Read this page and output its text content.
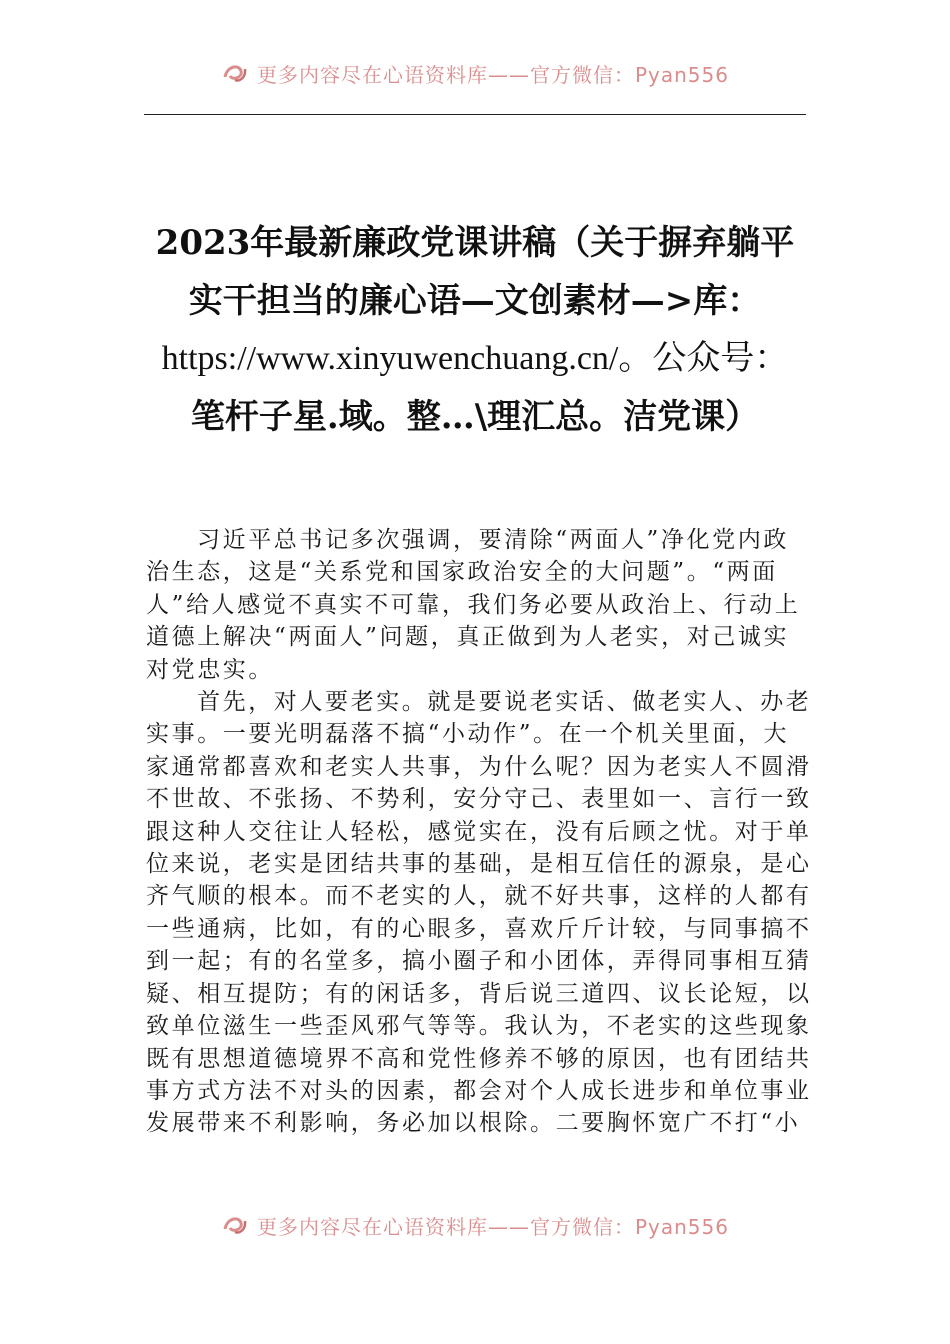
更多内容尽在心语资料库——官方微信：Pyan556
2023年最新廉政党课讲稿（关于摒弃躺平
实干担当的廉心语—文创素材—>库：
https://www.xinyuwenchuang.cn/。公众号：
笔杆子星.域。整…\理汇总。洁党课）
习近平总书记多次强调，要清除“两面人”净化党内政
治生态，这是“关系党和国家政治安全的大问题”。“两面
人”给人感觉不真实不可靠，我们务必要从政治上、行动上
道德上解决“两面人”问题，真正做到为人老实，对己诚实
对党忠实。
首先，对人要老实。就是要说老实话、做老实人、办老
实事。一要光明磊落不搞“小动作”。在一个机关里面，大
家通常都喜欢和老实人共事，为什么呢？因为老实人不圆滑
不世故、不张扬、不势利，安分守己、表里如一、言行一致
跟这种人交往让人轻松，感觉实在，没有后顾之忧。对于单
位来说，老实是团结共事的基础，是相互信任的源泉，是心
齐气顺的根本。而不老实的人，就不好共事，这样的人都有
一些通病，比如，有的心眼多，喜欢斤斤计较，与同事搞不
到一起；有的名堂多，搞小圈子和小团体，弄得同事相互猜
疑、相互提防；有的闲话多，背后说三道四、议长论短，以
致单位滋生一些歪风邪气等等。我认为，不老实的这些现象
既有思想道德境界不高和党性修养不够的原因，也有团结共
事方式方法不对头的因素，都会对个人成长进步和单位事业
发展带来不利影响，务必加以根除。二要胸怀宽广不打“小
更多内容尽在心语资料库——官方微信：Pyan556
